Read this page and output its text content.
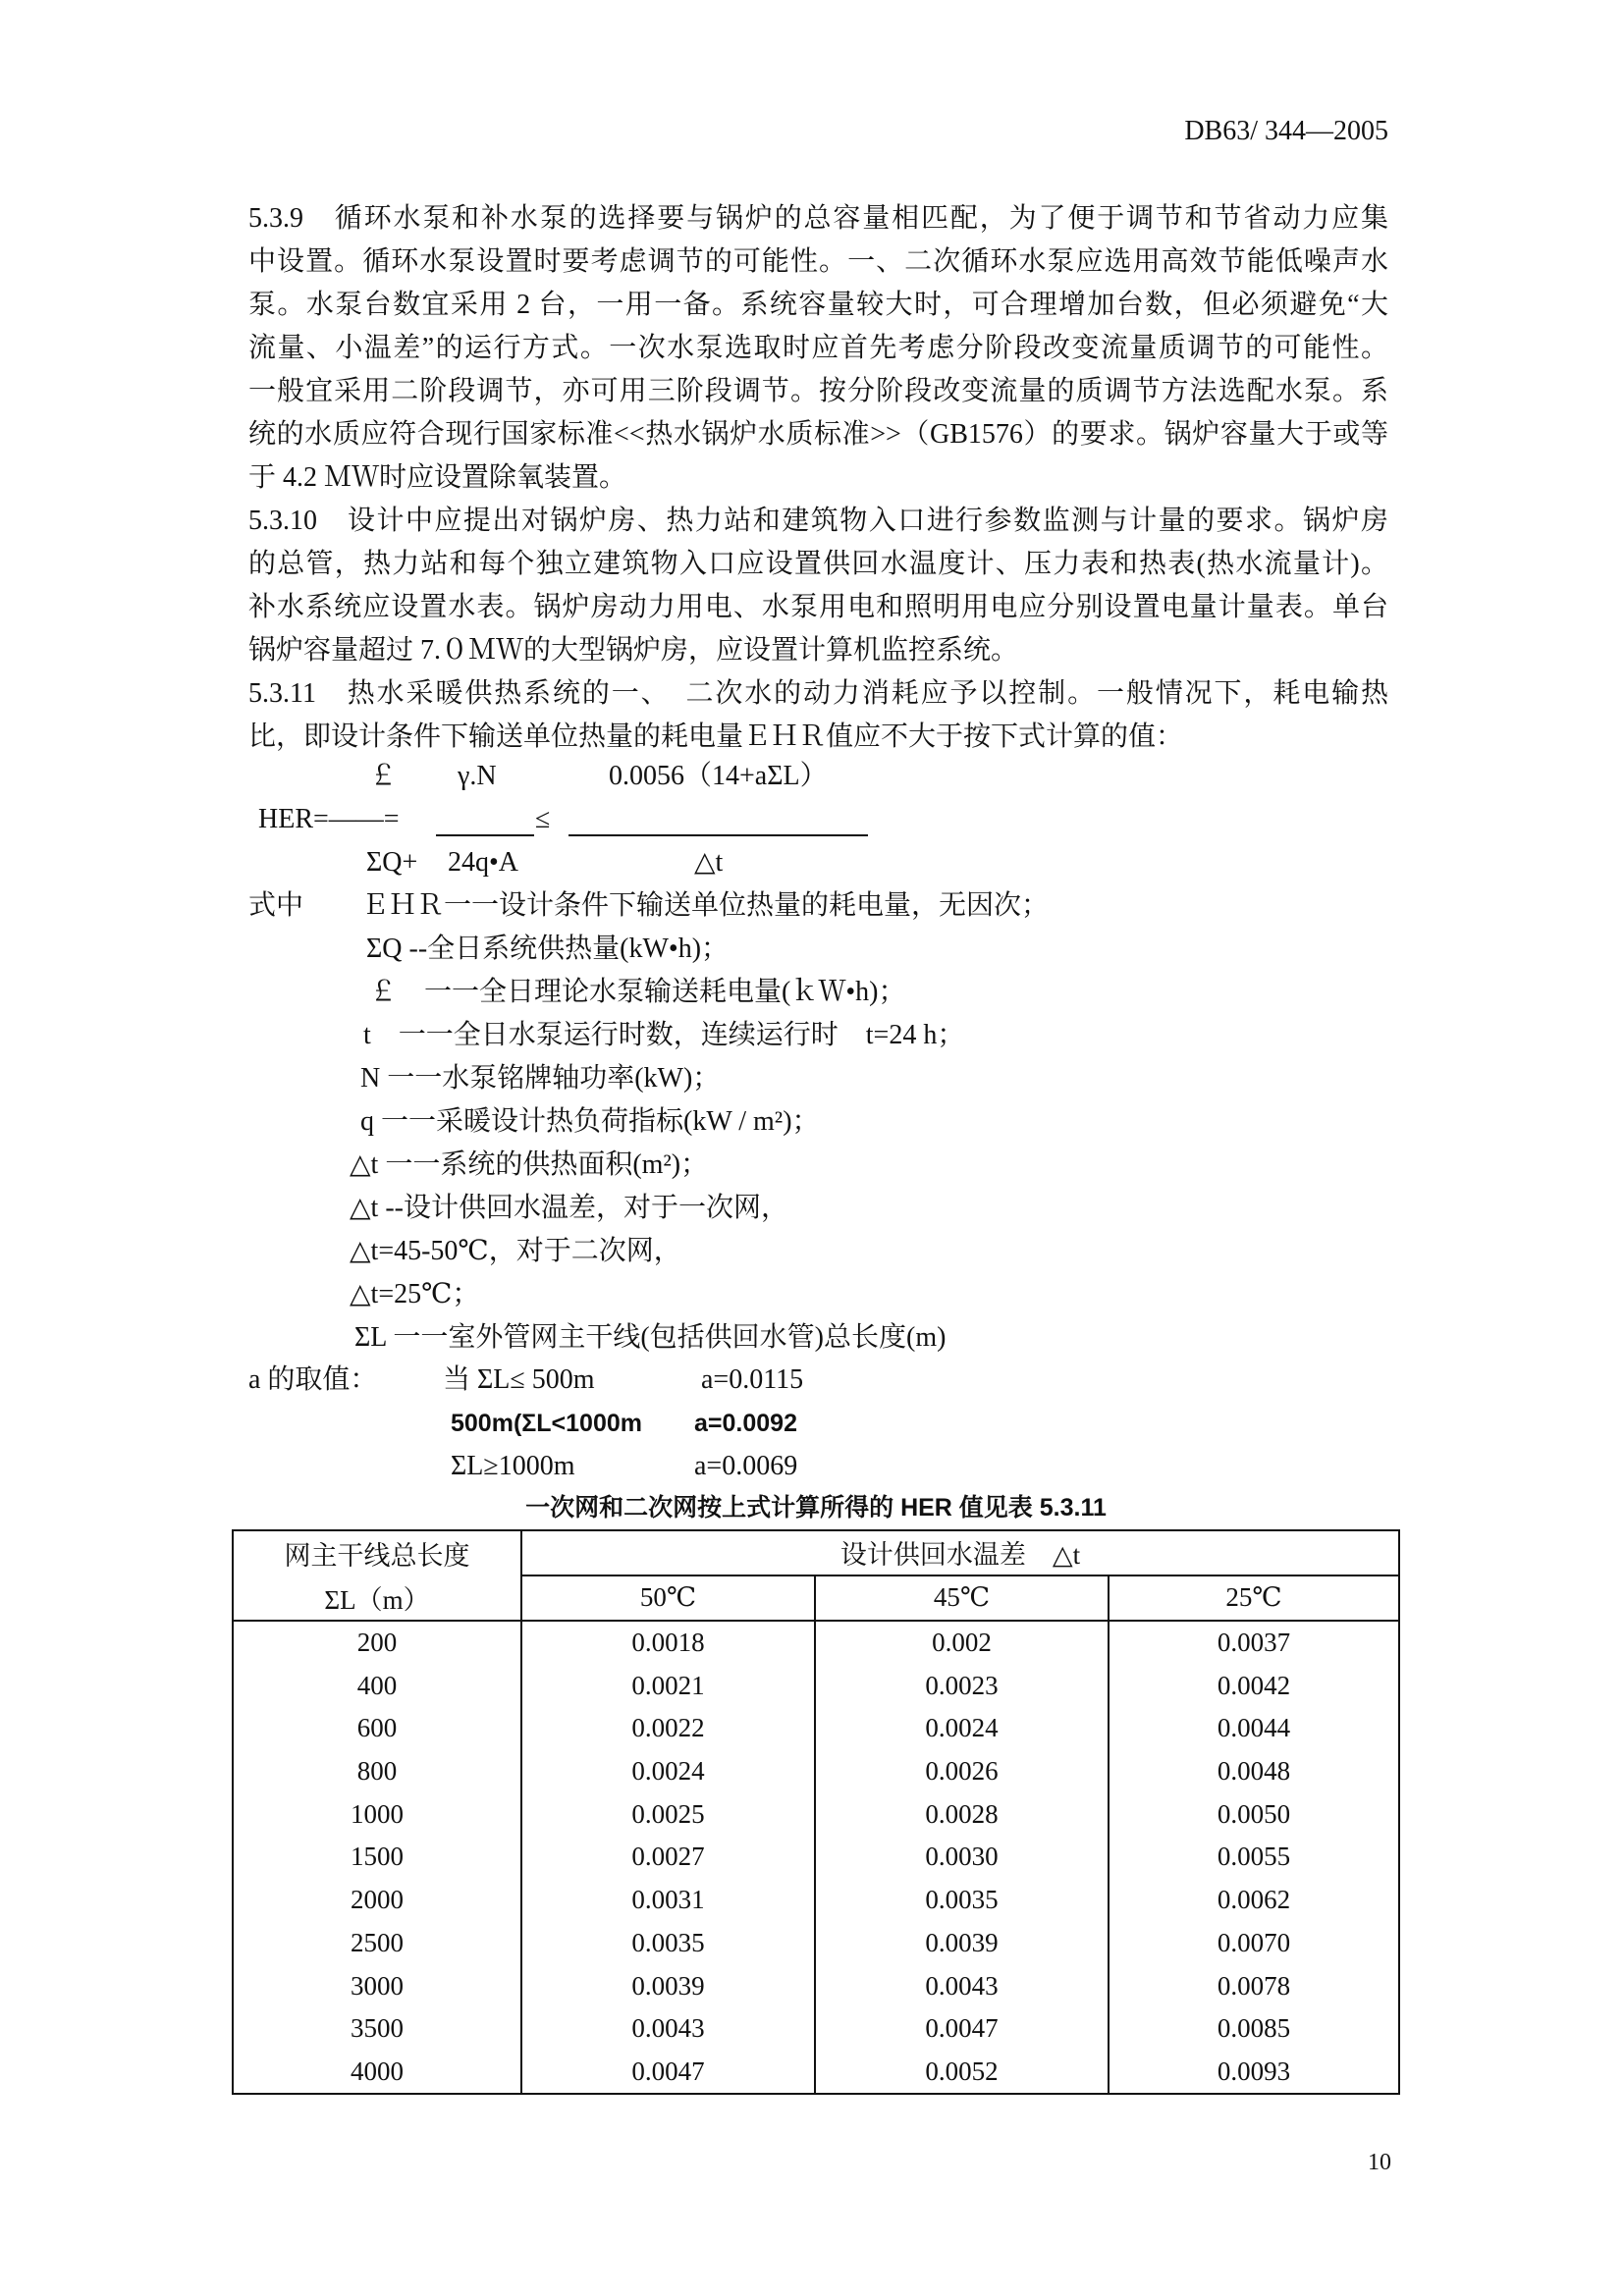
DB63/ 344—2005
5.3.9　循环水泵和补水泵的选择要与锅炉的总容量相匹配，为了便于调节和节省动力应集
中设置。循环水泵设置时要考虑调节的可能性。一、二次循环水泵应选用高效节能低噪声水
泵。水泵台数宜采用 2 台，一用一备。系统容量较大时，可合理增加台数，但必须避免“大
流量、小温差”的运行方式。一次水泵选取时应首先考虑分阶段改变流量质调节的可能性。
一般宜采用二阶段调节，亦可用三阶段调节。按分阶段改变流量的质调节方法选配水泵。系
统的水质应符合现行国家标准<<热水锅炉水质标准>>（GB1576）的要求。锅炉容量大于或等
于 4.2 ＭＷ时应设置除氧装置。
5.3.10　设计中应提出对锅炉房、热力站和建筑物入口进行参数监测与计量的要求。锅炉房
的总管，热力站和每个独立建筑物入口应设置供回水温度计、压力表和热表(热水流量计)。
补水系统应设置水表。锅炉房动力用电、水泵用电和照明用电应分别设置电量计量表。单台
锅炉容量超过 7.０ＭＷ的大型锅炉房，应设置计算机监控系统。
5.3.11　热水采暖供热系统的一、　二次水的动力消耗应予以控制。一般情况下，耗电输热
比，即设计条件下输送单位热量的耗电量ＥＨＲ值应不大于按下式计算的值：
￡ γ.N	0.0056（14+aΣL）
HER=——=	≤
ΣQ+ 24q•A	△t
式中 ＥＨＲ一一设计条件下输送单位热量的耗电量，无因次；
ΣQ --全日系统供热量(kW•h)；
￡　一一全日理论水泵输送耗电量(ｋＷ•h)；
t　一一全日水泵运行时数，连续运行时　t=24 h；
N 一一水泵铭牌轴功率(kW)；
q 一一采暖设计热负荷指标(kW / m²)；
△t 一一系统的供热面积(m²)；
△t --设计供回水温差，对于一次网，
△t=45-50℃，对于二次网，
△t=25℃；
ΣL 一一室外管网主干线(包括供回水管)总长度(m)
a 的取值： 当 ΣL≤ 500m	a=0.0115
500m(ΣL<1000m a=0.0092
ΣL≥1000m	a=0.0069
一次网和二次网按上式计算所得的 HER 值见表 5.3.11
网主干线总长度	设计供回水温差　△t		
ΣL（m）	50℃	45℃	25℃
200	0.0018	0.002	0.0037
400	0.0021	0.0023	0.0042
600	0.0022	0.0024	0.0044
800	0.0024	0.0026	0.0048
1000	0.0025	0.0028	0.0050
1500	0.0027	0.0030	0.0055
2000	0.0031	0.0035	0.0062
2500	0.0035	0.0039	0.0070
3000	0.0039	0.0043	0.0078
3500	0.0043	0.0047	0.0085
4000	0.0047	0.0052	0.0093
10
